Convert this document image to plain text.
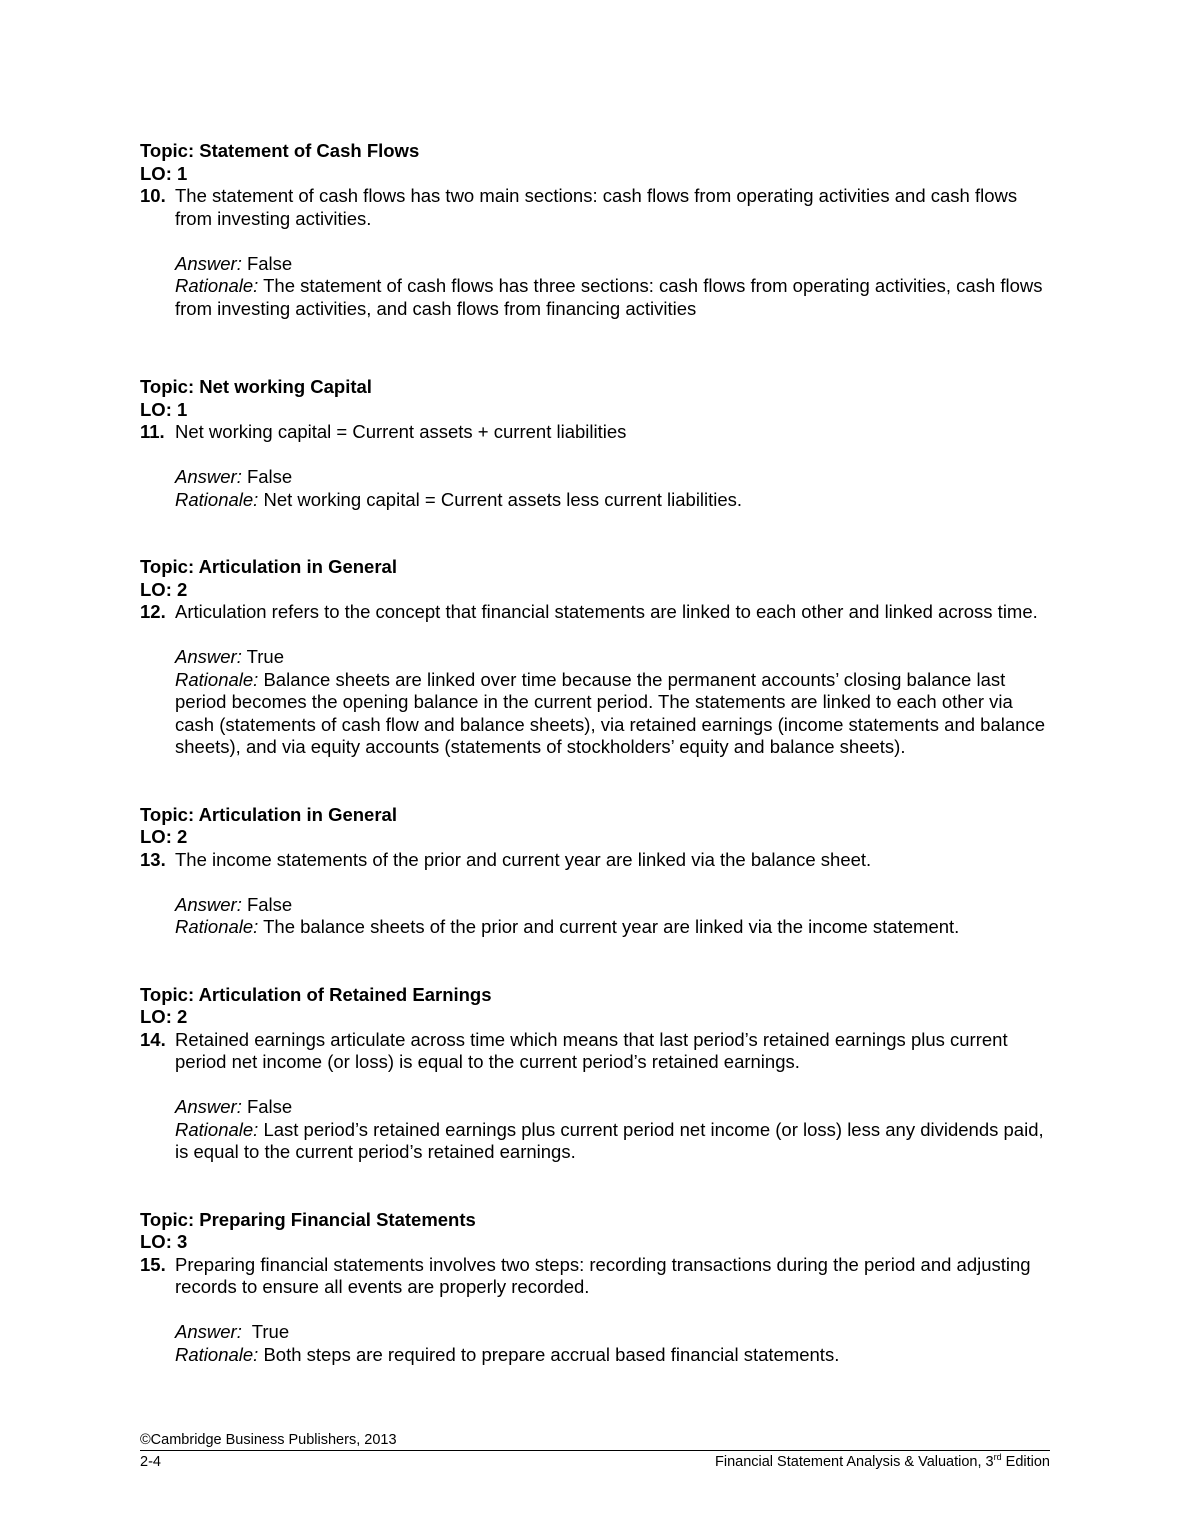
Topic: Statement of Cash Flows
LO: 1
10. The statement of cash flows has two main sections: cash flows from operating activities and cash flows from investing activities.
Answer: False
Rationale: The statement of cash flows has three sections: cash flows from operating activities, cash flows from investing activities, and cash flows from financing activities
Topic: Net working Capital
LO: 1
11. Net working capital = Current assets + current liabilities
Answer: False
Rationale: Net working capital = Current assets less current liabilities.
Topic: Articulation in General
LO: 2
12. Articulation refers to the concept that financial statements are linked to each other and linked across time.
Answer: True
Rationale: Balance sheets are linked over time because the permanent accounts’ closing balance last period becomes the opening balance in the current period. The statements are linked to each other via cash (statements of cash flow and balance sheets), via retained earnings (income statements and balance sheets), and via equity accounts (statements of stockholders’ equity and balance sheets).
Topic: Articulation in General
LO: 2
13. The income statements of the prior and current year are linked via the balance sheet.
Answer: False
Rationale: The balance sheets of the prior and current year are linked via the income statement.
Topic: Articulation of Retained Earnings
LO: 2
14. Retained earnings articulate across time which means that last period’s retained earnings plus current period net income (or loss) is equal to the current period’s retained earnings.
Answer: False
Rationale: Last period’s retained earnings plus current period net income (or loss) less any dividends paid, is equal to the current period’s retained earnings.
Topic: Preparing Financial Statements
LO: 3
15. Preparing financial statements involves two steps: recording transactions during the period and adjusting records to ensure all events are properly recorded.
Answer:  True
Rationale: Both steps are required to prepare accrual based financial statements.
©Cambridge Business Publishers, 2013
2-4	Financial Statement Analysis & Valuation, 3rd Edition
